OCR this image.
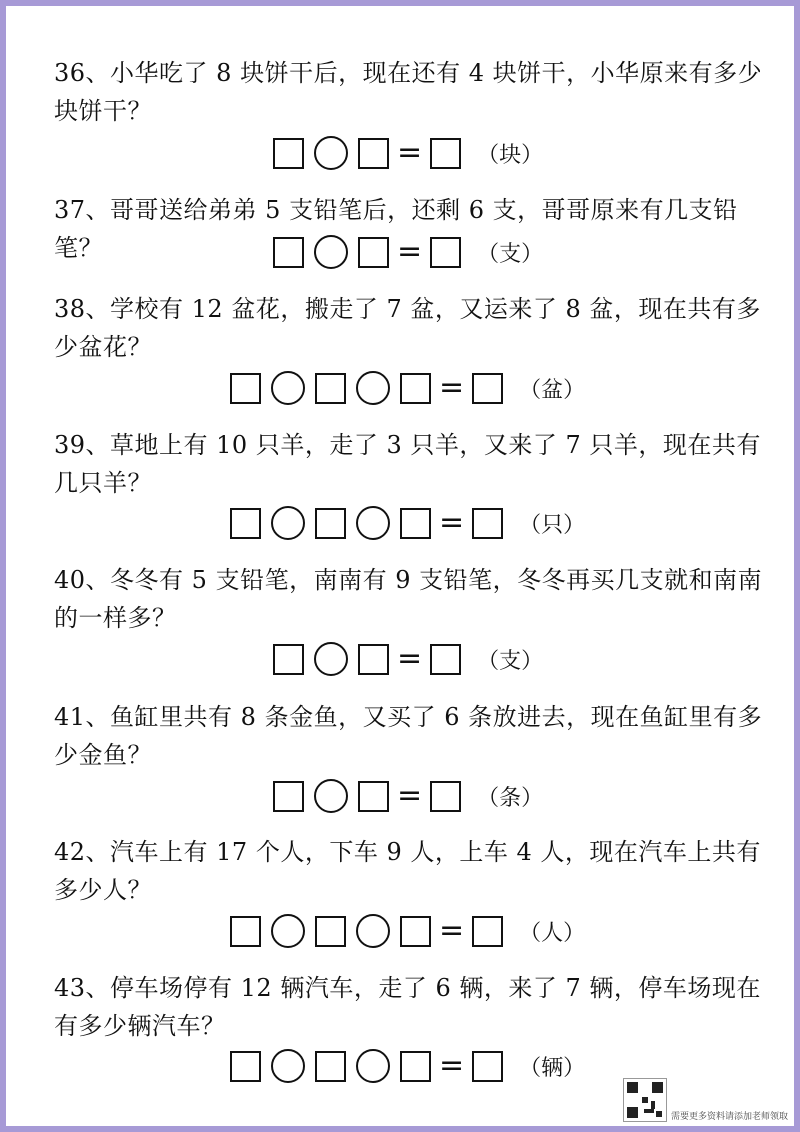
36、小华吃了 8 块饼干后，现在还有 4 块饼干，小华原来有多少块饼干？

=	（块）

37、哥哥送给弟弟 5 支铅笔后，还剩 6 支，哥哥原来有几支铅笔？	=	（支）

38、学校有 12 盆花，搬走了 7 盆，又运来了 8 盆，现在共有多少盆花？

=	（盆）

39、草地上有 10 只羊，走了 3 只羊，又来了 7 只羊，现在共有几只羊？

=	（只）

40、冬冬有 5 支铅笔，南南有 9 支铅笔，冬冬再买几支就和南南的一样多？

=	（支）

41、鱼缸里共有 8 条金鱼，又买了 6 条放进去，现在鱼缸里有多少金鱼？

=	（条）

42、汽车上有 17 个人，下车 9 人，上车 4 人，现在汽车上共有多少人？

=	（人）

43、停车场停有 12 辆汽车，走了 6 辆，来了 7 辆，停车场现在有多少辆汽车？

=	（辆）
需要更多资料请添加老师领取
